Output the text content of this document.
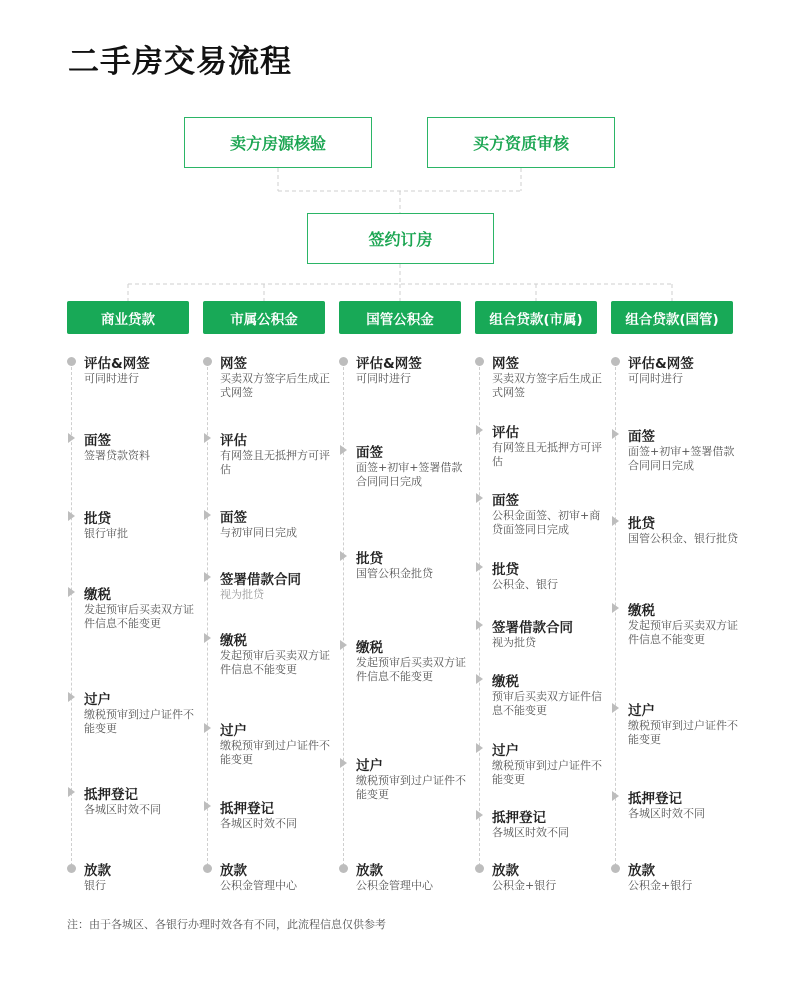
二手房交易流程
卖方房源核验	买方资质审核
签约订房
商业贷款
评估&网签
可同时进行
面签
签署贷款资料
批贷
银行审批
缴税
发起预审后买卖双方证件信息不能变更
过户
缴税预审到过户证件不能变更
抵押登记
各城区时效不同
放款
银行
市属公积金
网签
买卖双方签字后生成正式网签
评估
有网签且无抵押方可评估
面签
与初审同日完成
签署借款合同
视为批贷
缴税
发起预审后买卖双方证件信息不能变更
过户
缴税预审到过户证件不能变更
抵押登记
各城区时效不同
放款
公积金管理中心
国管公积金
评估&网签
可同时进行
面签
面签+初审+签署借款合同同日完成
批贷
国管公积金批贷
缴税
发起预审后买卖双方证件信息不能变更
过户
缴税预审到过户证件不能变更
放款
公积金管理中心
组合贷款(市属)
网签
买卖双方签字后生成正式网签
评估
有网签且无抵押方可评估
面签
公积金面签、初审+商贷面签同日完成
批贷
公积金、银行
签署借款合同
视为批贷
缴税
预审后买卖双方证件信息不能变更
过户
缴税预审到过户证件不能变更
抵押登记
各城区时效不同
放款
公积金+银行
组合贷款(国管)
评估&网签
可同时进行
面签
面签+初审+签署借款合同同日完成
批贷
国管公积金、银行批贷
缴税
发起预审后买卖双方证件信息不能变更
过户
缴税预审到过户证件不能变更
抵押登记
各城区时效不同
放款
公积金+银行
注：由于各城区、各银行办理时效各有不同，此流程信息仅供参考
